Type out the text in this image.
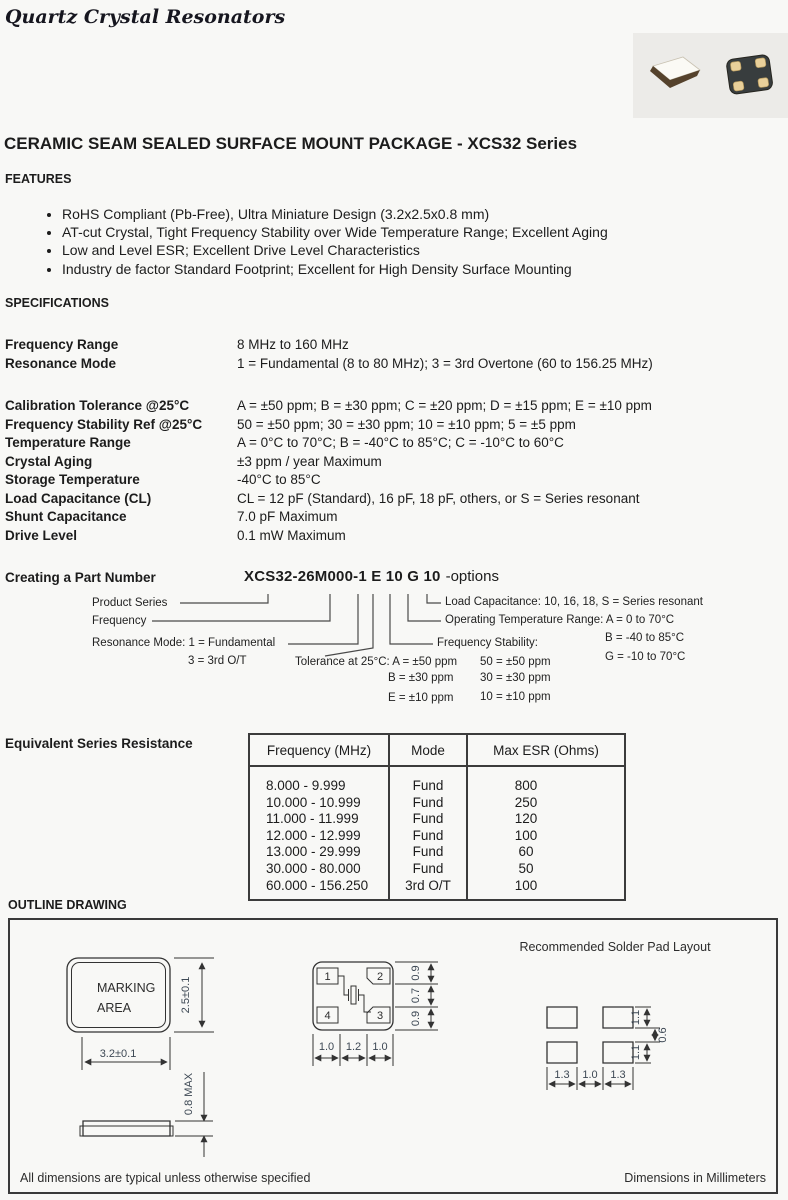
Quartz Crystal Resonators
CERAMIC SEAM SEALED SURFACE MOUNT PACKAGE - XCS32 Series
FEATURES
• RoHS Compliant (Pb-Free), Ultra Miniature Design (3.2x2.5x0.8 mm)
• AT-cut Crystal, Tight Frequency Stability over Wide Temperature Range; Excellent Aging
• Low and Level ESR; Excellent Drive Level Characteristics
• Industry de factor Standard Footprint; Excellent for High Density Surface Mounting
SPECIFICATIONS
Frequency Range	8 MHz to 160 MHz
Resonance Mode	1 = Fundamental (8 to 80 MHz); 3 = 3rd Overtone (60 to 156.25 MHz)
Calibration Tolerance @25°C	A = ±50 ppm; B = ±30 ppm; C = ±20 ppm; D = ±15 ppm; E = ±10 ppm
Frequency Stability Ref @25°C	50 = ±50 ppm; 30 = ±30 ppm; 10 = ±10 ppm; 5 = ±5 ppm
Temperature Range	A = 0°C to 70°C; B = -40°C to 85°C; C = -10°C to 60°C
Crystal Aging	±3 ppm / year Maximum
Storage Temperature	-40°C to 85°C
Load Capacitance (CL)	CL = 12 pF (Standard), 16 pF, 18 pF, others, or S = Series resonant
Shunt Capacitance	7.0 pF Maximum
Drive Level	0.1 mW Maximum
Creating a Part Number	XCS32-26M000-1 E 10 G 10 -options
Product Series
Frequency
Resonance Mode: 1 = Fundamental
3 = 3rd O/T	Tolerance at 25°C: A = ±50 ppm
B = ±30 ppm
E = ±10 ppm
Frequency Stability:
50 = ±50 ppm
30 = ±30 ppm
10 = ±10 ppm
Operating Temperature Range: A = 0 to 70°C
B = -40 to 85°C
G = -10 to 70°C
Load Capacitance: 10, 16, 18, S = Series resonant
Equivalent Series Resistance	Frequency (MHz)	Mode	Max ESR (Ohms)

8.000 - 9.999	Fund	800
10.000 - 10.999	Fund	250
11.000 - 11.999	Fund	120
12.000 - 12.999	Fund	100
13.000 - 29.999	Fund	60
30.000 - 80.000	Fund	50
60.000 - 156.250	3rd O/T	100

OUTLINE DRAWING
MARKING
AREA	2.5±0.1
3.2±0.1
0.8 MAX
1	2
3
4
0.9
0.7
0.9
1.0 1.2 1.0
Recommended Solder Pad Layout
1.1
0.6
1.1
1.3 1.0 1.3
All dimensions are typical unless otherwise specified	Dimensions in Millimeters
